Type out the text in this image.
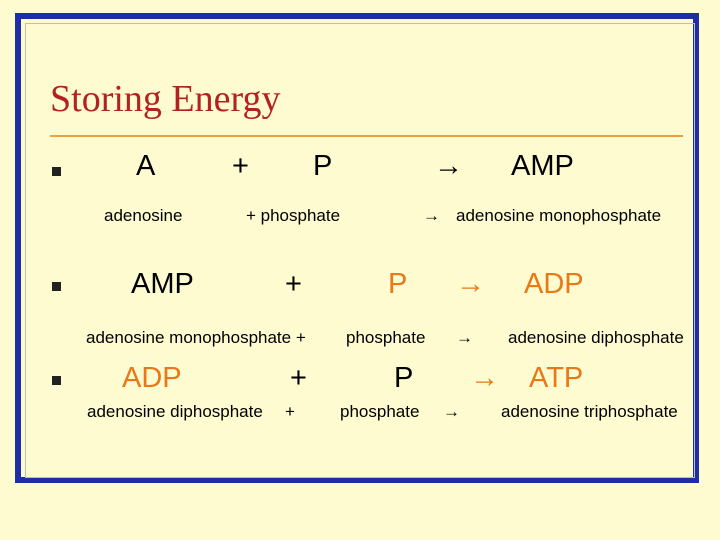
Storing Energy
A	+ P	→ AMP
adenosine	+ phosphate	→ adenosine monophosphate
AMP	+	P → ADP
adenosine monophosphate + phosphate → adenosine diphosphate
ADP	+	P → ATP
adenosine diphosphate +	phosphate → adenosine triphosphate
